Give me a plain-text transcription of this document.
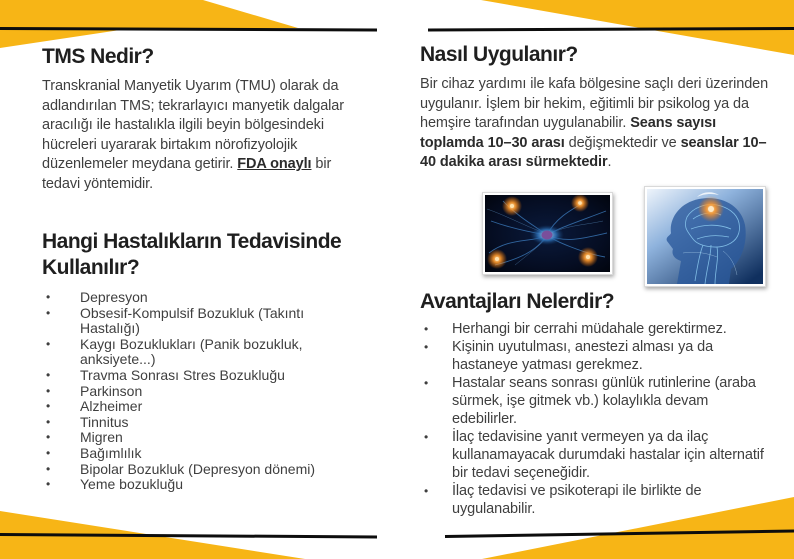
TMS Nedir?
Transkranial Manyetik Uyarım (TMU) olarak da adlandırılan TMS; tekrarlayıcı manyetik dalgalar aracılığı ile hastalıkla ilgili beyin bölgesindeki hücreleri uyararak birtakım nörofizyolojik düzenlemeler meydana getirir. FDA onaylı bir tedavi yöntemidir.
Hangi Hastalıkların Tedavisinde Kullanılır?
•	Depresyon
•	Obsesif-Kompulsif Bozukluk (Takıntı Hastalığı)
•	Kaygı Bozuklukları (Panik bozukluk, anksiyete...)
•	Travma Sonrası Stres Bozukluğu
•	Parkinson
•	Alzheimer
•	Tinnitus
•	Migren
•	Bağımlılık
•	Bipolar Bozukluk (Depresyon dönemi)
•	Yeme bozukluğu
Nasıl Uygulanır?
Bir cihaz yardımı ile kafa bölgesine saçlı deri üzerinden uygulanır. İşlem bir hekim, eğitimli bir psikolog ya da hemşire tarafından uygulanabilir. Seans sayısı toplamda 10–30 arası değişmektedir ve seanslar 10–40 dakika arası sürmektedir.
Avantajları Nelerdir?
•	Herhangi bir cerrahi müdahale gerektirmez.
•	Kişinin uyutulması, anestezi alması ya da hastaneye yatması gerekmez.
•	Hastalar seans sonrası günlük rutinlerine (araba sürmek, işe gitmek vb.) kolaylıkla devam edebilirler.
•	İlaç tedavisine yanıt vermeyen ya da ilaç kullanamayacak durumdaki hastalar için alternatif bir tedavi seçeneğidir.
•	İlaç tedavisi ve psikoterapi ile birlikte de uygulanabilir.
